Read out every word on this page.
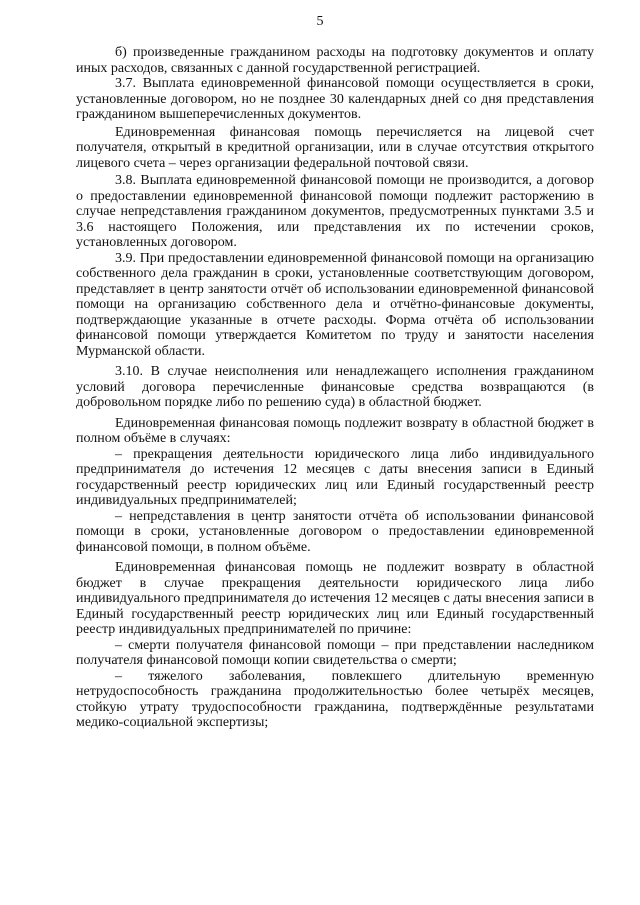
5

б) произведенные гражданином расходы на подготовку документов и оплату иных расходов, связанных с данной государственной регистрацией.

3.7. Выплата единовременной финансовой помощи осуществляется в сроки, установленные договором, но не позднее 30 календарных дней со дня представления гражданином вышеперечисленных документов.

Единовременная финансовая помощь перечисляется на лицевой счет получателя, открытый в кредитной организации, или в случае отсутствия открытого лицевого счета – через организации федеральной почтовой связи.

3.8. Выплата единовременной финансовой помощи не производится, а договор о предоставлении единовременной финансовой помощи подлежит расторжению в случае непредставления гражданином документов, предусмотренных пунктами 3.5 и 3.6 настоящего Положения, или представления их по истечении сроков, установленных договором.

3.9. При предоставлении единовременной финансовой помощи на организацию собственного дела гражданин в сроки, установленные соответствующим договором, представляет в центр занятости отчёт об использовании единовременной финансовой помощи на организацию собственного дела и отчётно-финансовые документы, подтверждающие указанные в отчете расходы. Форма отчёта об использовании финансовой помощи утверждается Комитетом по труду и занятости населения Мурманской области.

3.10. В случае неисполнения или ненадлежащего исполнения гражданином условий договора перечисленные финансовые средства возвращаются (в добровольном порядке либо по решению суда) в областной бюджет.

Единовременная финансовая помощь подлежит возврату в областной бюджет в полном объёме в случаях:

– прекращения деятельности юридического лица либо индивидуального предпринимателя до истечения 12 месяцев с даты внесения записи в Единый государственный реестр юридических лиц или Единый государственный реестр индивидуальных предпринимателей;

– непредставления в центр занятости отчёта об использовании финансовой помощи в сроки, установленные договором о предоставлении единовременной финансовой помощи, в полном объёме.

Единовременная финансовая помощь не подлежит возврату в областной бюджет в случае прекращения деятельности юридического лица либо индивидуального предпринимателя до истечения 12 месяцев с даты внесения записи в Единый государственный реестр юридических лиц или Единый государственный реестр индивидуальных предпринимателей по причине:

– смерти получателя финансовой помощи – при представлении наследником получателя финансовой помощи копии свидетельства о смерти;

– тяжелого заболевания, повлекшего длительную временную нетрудоспособность гражданина продолжительностью более четырёх месяцев, стойкую утрату трудоспособности гражданина, подтверждённые результатами медико-социальной экспертизы;
